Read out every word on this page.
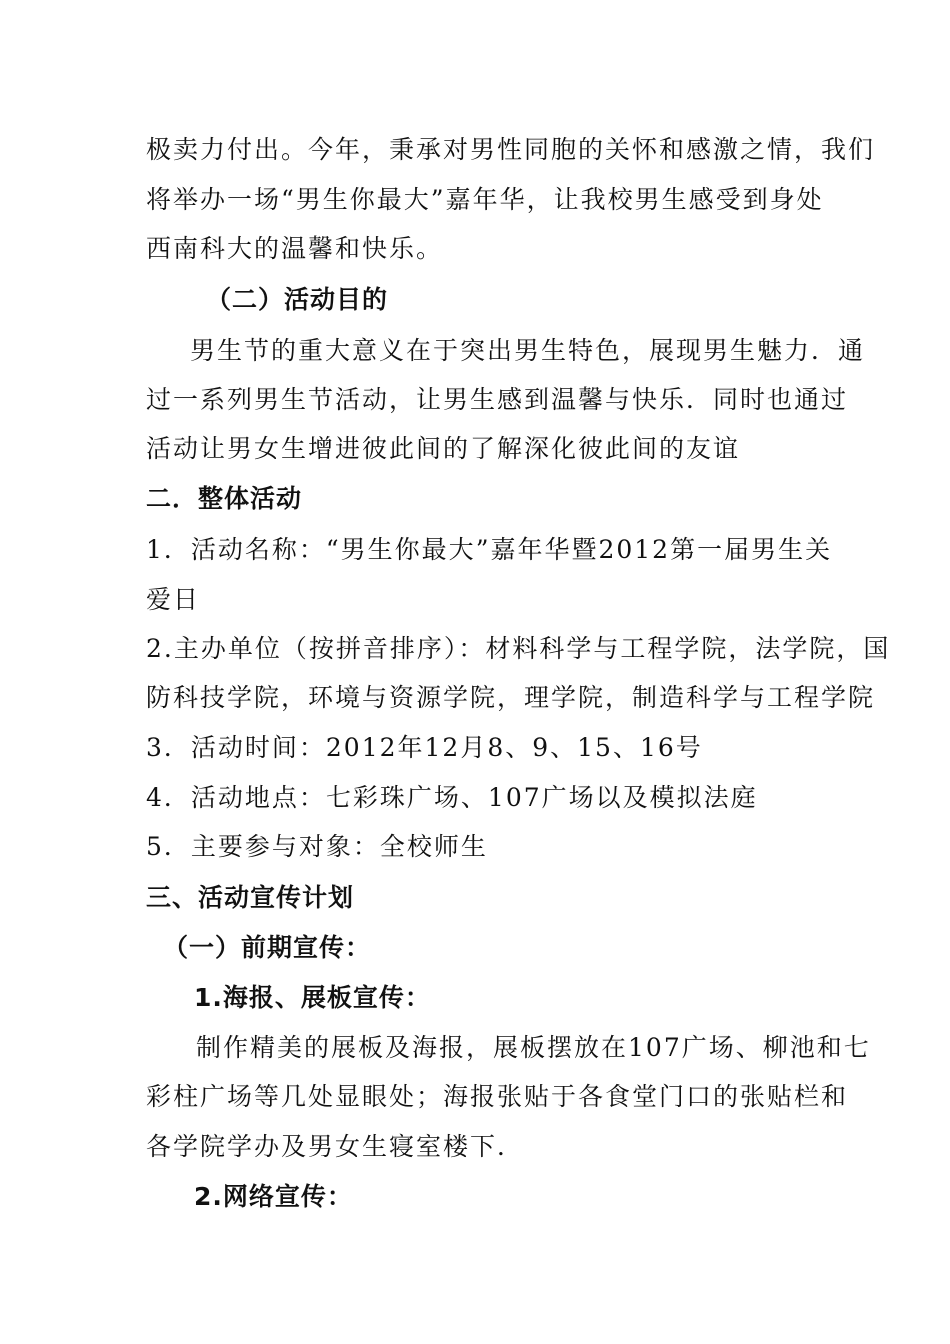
极卖力付出。今年，秉承对男性同胞的关怀和感激之情，我们
将举办一场“男生你最大”嘉年华，让我校男生感受到身处
西南科大的温馨和快乐。
（二）活动目的
男生节的重大意义在于突出男生特色，展现男生魅力．通
过一系列男生节活动，让男生感到温馨与快乐．同时也通过
活动让男女生增进彼此间的了解深化彼此间的友谊
二．整体活动
1．活动名称：“男生你最大”嘉年华暨2012第一届男生关
爱日
2.主办单位（按拼音排序）：材料科学与工程学院，法学院，国
防科技学院，环境与资源学院，理学院，制造科学与工程学院
3．活动时间：2012年12月8、9、15、16号
4．活动地点：七彩珠广场、107广场以及模拟法庭
5．主要参与对象：全校师生
三、活动宣传计划
（一）前期宣传：
1.海报、展板宣传：
制作精美的展板及海报，展板摆放在107广场、柳池和七
彩柱广场等几处显眼处；海报张贴于各食堂门口的张贴栏和
各学院学办及男女生寝室楼下．
2.网络宣传：
